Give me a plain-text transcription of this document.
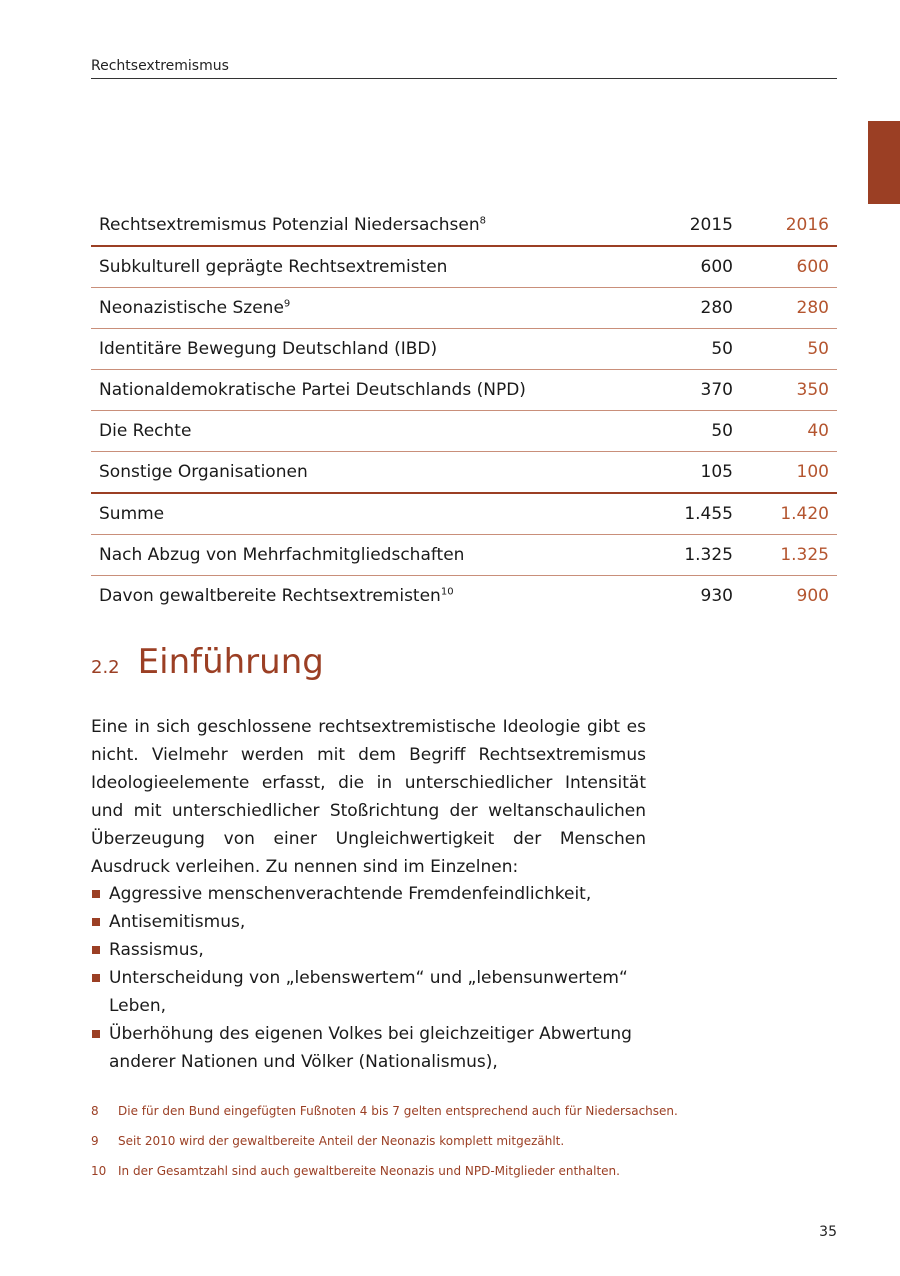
Rechtsextremismus
Rechtsextremismus Potenzial Niedersachsen$^8$	2015	2016
Subkulturell geprägte Rechtsextremisten	600	600
Neonazistische Szene$^9$	280	280
Identitäre Bewegung Deutschland (IBD)	50	50
Nationaldemokratische Partei Deutschlands (NPD)	370	350
Die Rechte	50	40
Sonstige Organisationen	105	100
Summe	1.455	1.420
Nach Abzug von Mehrfachmitgliedschaften	1.325	1.325
Davon gewaltbereite Rechtsextremisten$^{10}$	930	900
2.2 Einführung

Eine in sich geschlossene rechtsextremistische Ideologie gibt es nicht. Vielmehr werden mit dem Begriff Rechtsextremismus Ideologieelemente erfasst, die in unterschiedlicher Intensität und mit unterschiedlicher Stoßrichtung der weltanschaulichen Überzeugung von einer Ungleichwertigkeit der Menschen Ausdruck verleihen. Zu nennen sind im Einzelnen:

Aggressive menschenverachtende Fremdenfeindlichkeit,
Antisemitismus,
Rassismus,
Unterscheidung von „lebenswertem“ und „lebensunwertem“ Leben,
Überhöhung des eigenen Volkes bei gleichzeitiger Abwertung anderer Nationen und Völker (Nationalismus),
8	Die für den Bund eingefügten Fußnoten 4 bis 7 gelten entsprechend auch für Niedersachsen.
9	Seit 2010 wird der gewaltbereite Anteil der Neonazis komplett mitgezählt.
10 In der Gesamtzahl sind auch gewaltbereite Neonazis und NPD-Mitglieder enthalten.
35
